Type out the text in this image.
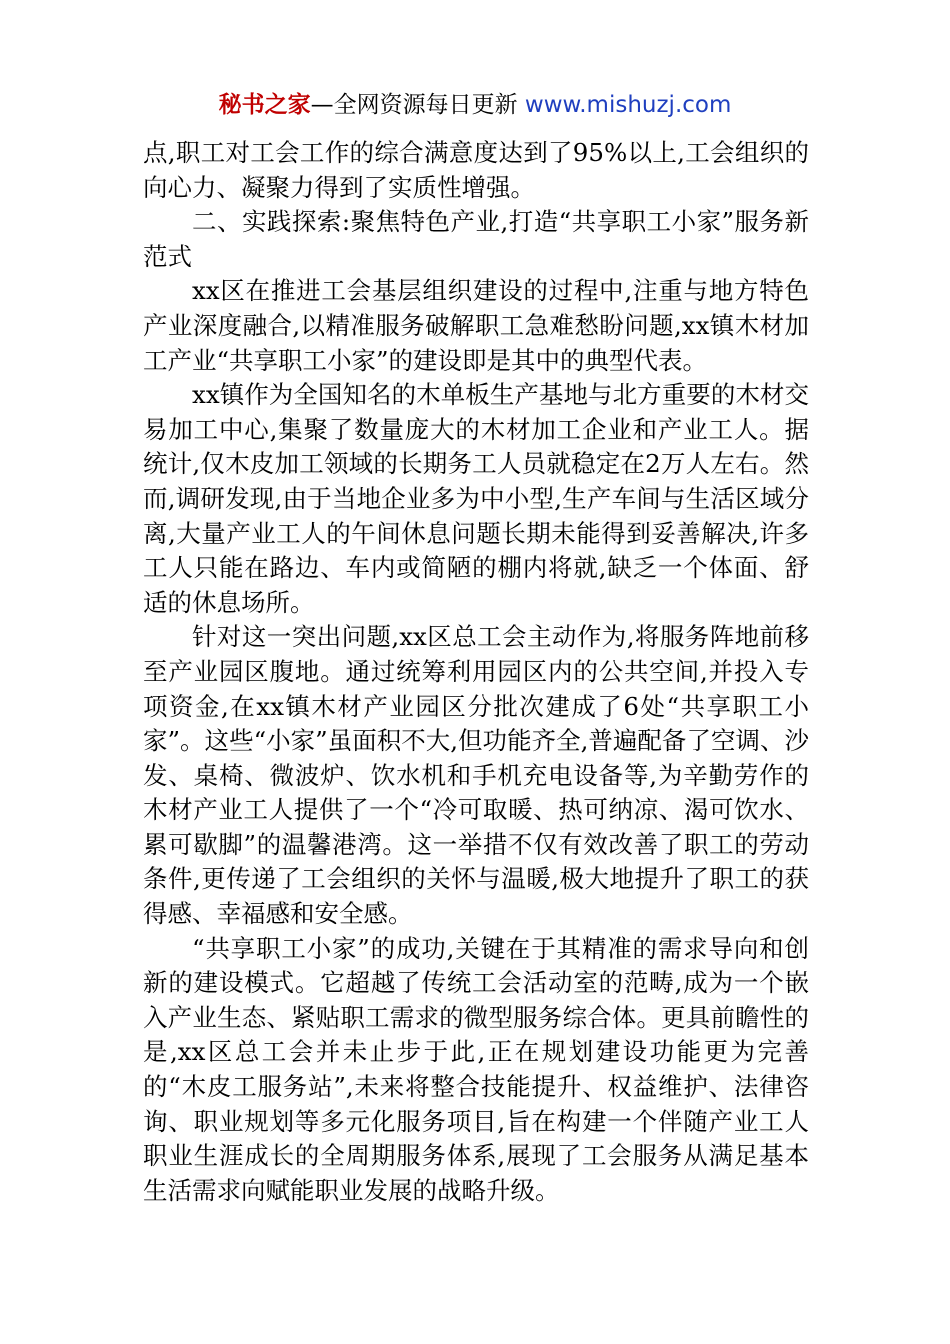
秘书之家—全网资源每日更新 www.mishuzj.com

点,职工对工会工作的综合满意度达到了95%以上,工会组织的向心力、凝聚力得到了实质性增强。

二、实践探索:聚焦特色产业,打造“共享职工小家”服务新范式

xx区在推进工会基层组织建设的过程中,注重与地方特色产业深度融合,以精准服务破解职工急难愁盼问题,xx镇木材加工产业“共享职工小家”的建设即是其中的典型代表。

xx镇作为全国知名的木单板生产基地与北方重要的木材交易加工中心,集聚了数量庞大的木材加工企业和产业工人。据统计,仅木皮加工领域的长期务工人员就稳定在2万人左右。然而,调研发现,由于当地企业多为中小型,生产车间与生活区域分离,大量产业工人的午间休息问题长期未能得到妥善解决,许多工人只能在路边、车内或简陋的棚内将就,缺乏一个体面、舒适的休息场所。

针对这一突出问题,xx区总工会主动作为,将服务阵地前移至产业园区腹地。通过统筹利用园区内的公共空间,并投入专项资金,在xx镇木材产业园区分批次建成了6处“共享职工小家”。这些“小家”虽面积不大,但功能齐全,普遍配备了空调、沙发、桌椅、微波炉、饮水机和手机充电设备等,为辛勤劳作的木材产业工人提供了一个“冷可取暖、热可纳凉、渴可饮水、累可歇脚”的温馨港湾。这一举措不仅有效改善了职工的劳动条件,更传递了工会组织的关怀与温暖,极大地提升了职工的获得感、幸福感和安全感。

“共享职工小家”的成功,关键在于其精准的需求导向和创新的建设模式。它超越了传统工会活动室的范畴,成为一个嵌入产业生态、紧贴职工需求的微型服务综合体。更具前瞻性的是,xx区总工会并未止步于此,正在规划建设功能更为完善的“木皮工服务站”,未来将整合技能提升、权益维护、法律咨询、职业规划等多元化服务项目,旨在构建一个伴随产业工人职业生涯成长的全周期服务体系,展现了工会服务从满足基本生活需求向赋能职业发展的战略升级。
